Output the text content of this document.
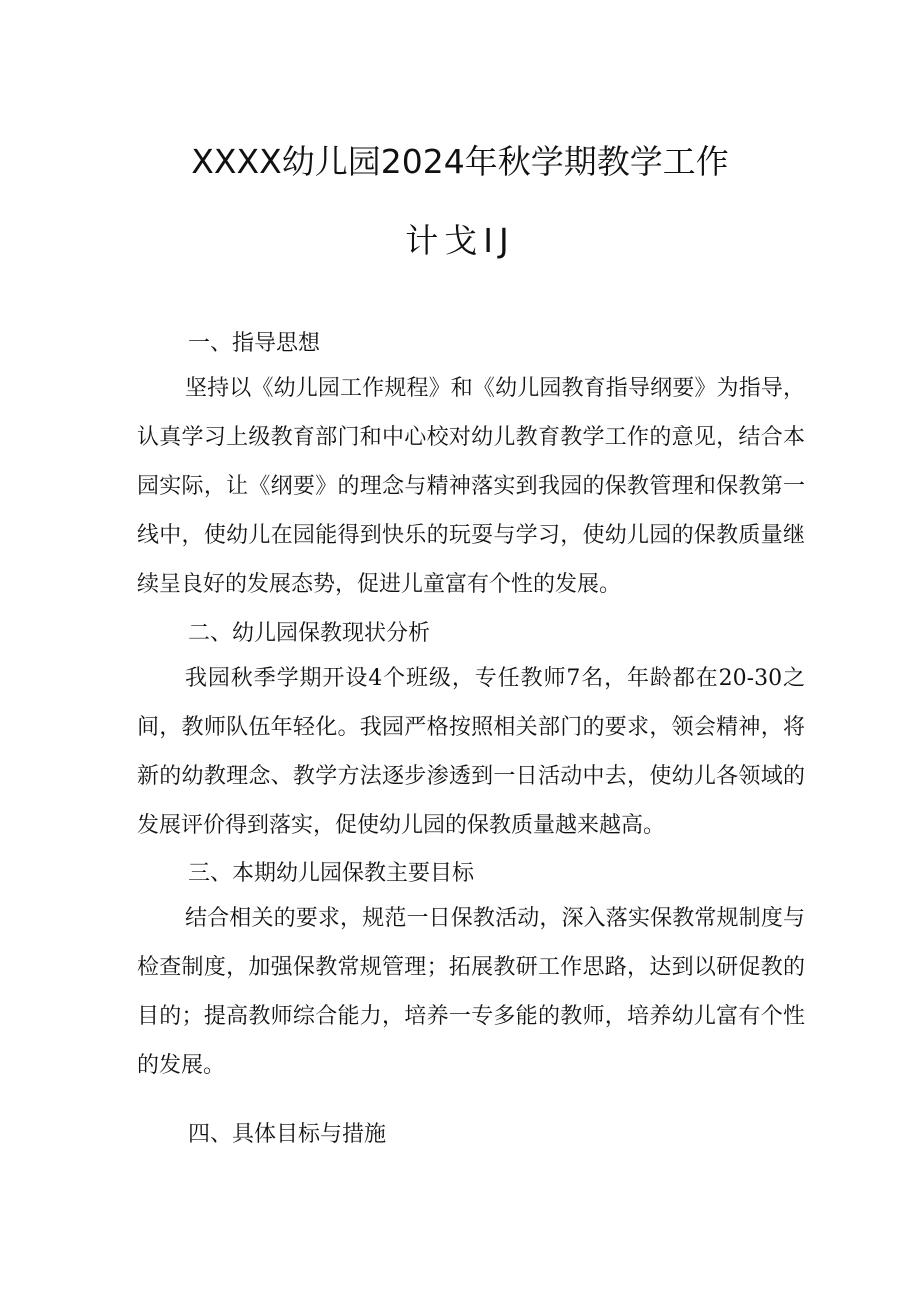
XXXX幼儿园2024年秋学期教学工作
计戈IJ
一、指导思想
坚持以《幼儿园工作规程》和《幼儿园教育指导纲要》为指导，认真学习上级教育部门和中心校对幼儿教育教学工作的意见，结合本园实际，让《纲要》的理念与精神落实到我园的保教管理和保教第一线中，使幼儿在园能得到快乐的玩耍与学习，使幼儿园的保教质量继续呈良好的发展态势，促进儿童富有个性的发展。
二、幼儿园保教现状分析
我园秋季学期开设4个班级，专任教师7名，年龄都在20-30之间，教师队伍年轻化。我园严格按照相关部门的要求，领会精神，将新的幼教理念、教学方法逐步渗透到一日活动中去，使幼儿各领域的发展评价得到落实，促使幼儿园的保教质量越来越高。
三、本期幼儿园保教主要目标
结合相关的要求，规范一日保教活动，深入落实保教常规制度与检查制度，加强保教常规管理；拓展教研工作思路，达到以研促教的目的；提高教师综合能力，培养一专多能的教师，培养幼儿富有个性的发展。
四、具体目标与措施
